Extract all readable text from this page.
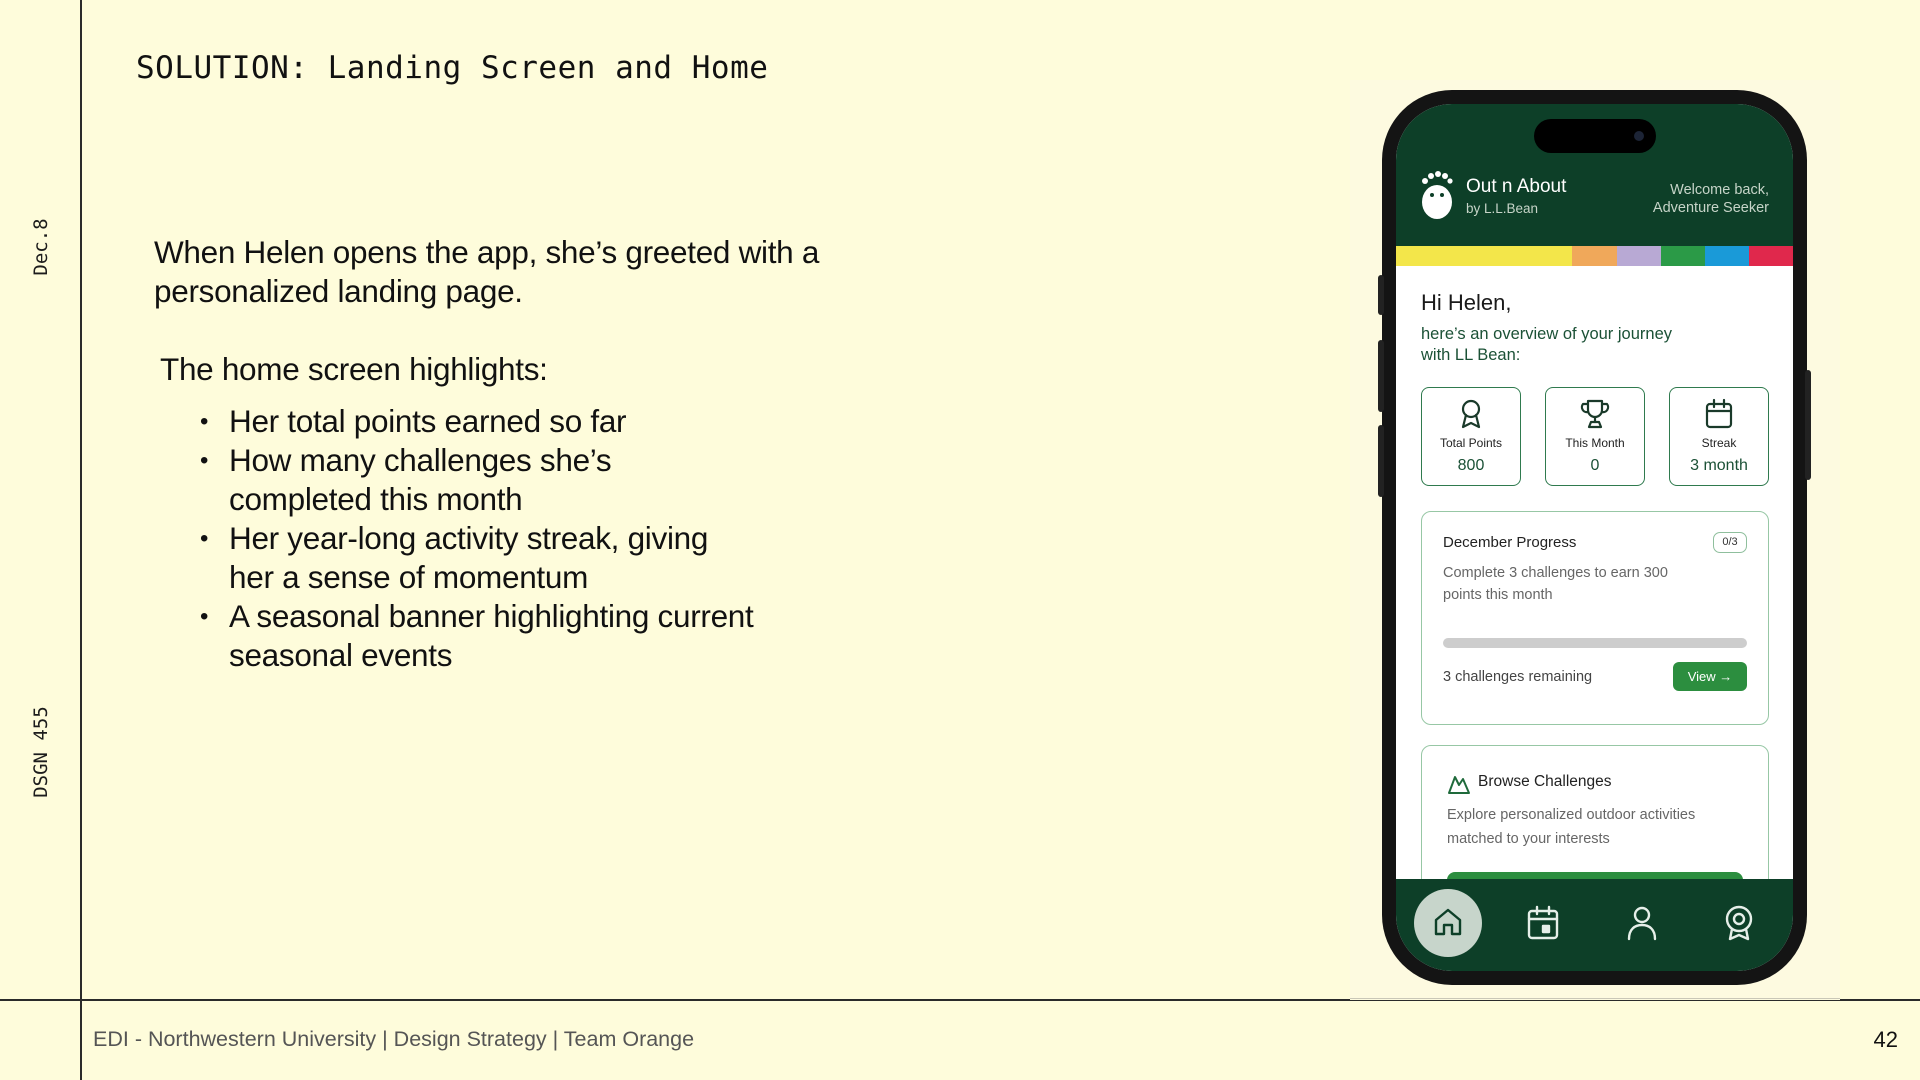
Dec.8
DSGN 455
SOLUTION: Landing Screen and Home

When Helen opens the app, she’s greeted with a personalized landing page.

The home screen highlights:
• Her total points earned so far
• How many challenges she’s completed this month
• Her year-long activity streak, giving her a sense of momentum
• A seasonal banner highlighting current seasonal events
EDI - Northwestern University | Design Strategy | Team Orange	42
Out n About
by L.L.Bean
Welcome back,
Adventure Seeker
Hi Helen,
here’s an overview of your journey with LL Bean:
Total Points
800
This Month
0
Streak
3 month
December Progress	0/3
Complete 3 challenges to earn 300 points this month
3 challenges remaining	View →
Browse Challenges
Explore personalized outdoor activities matched to your interests
